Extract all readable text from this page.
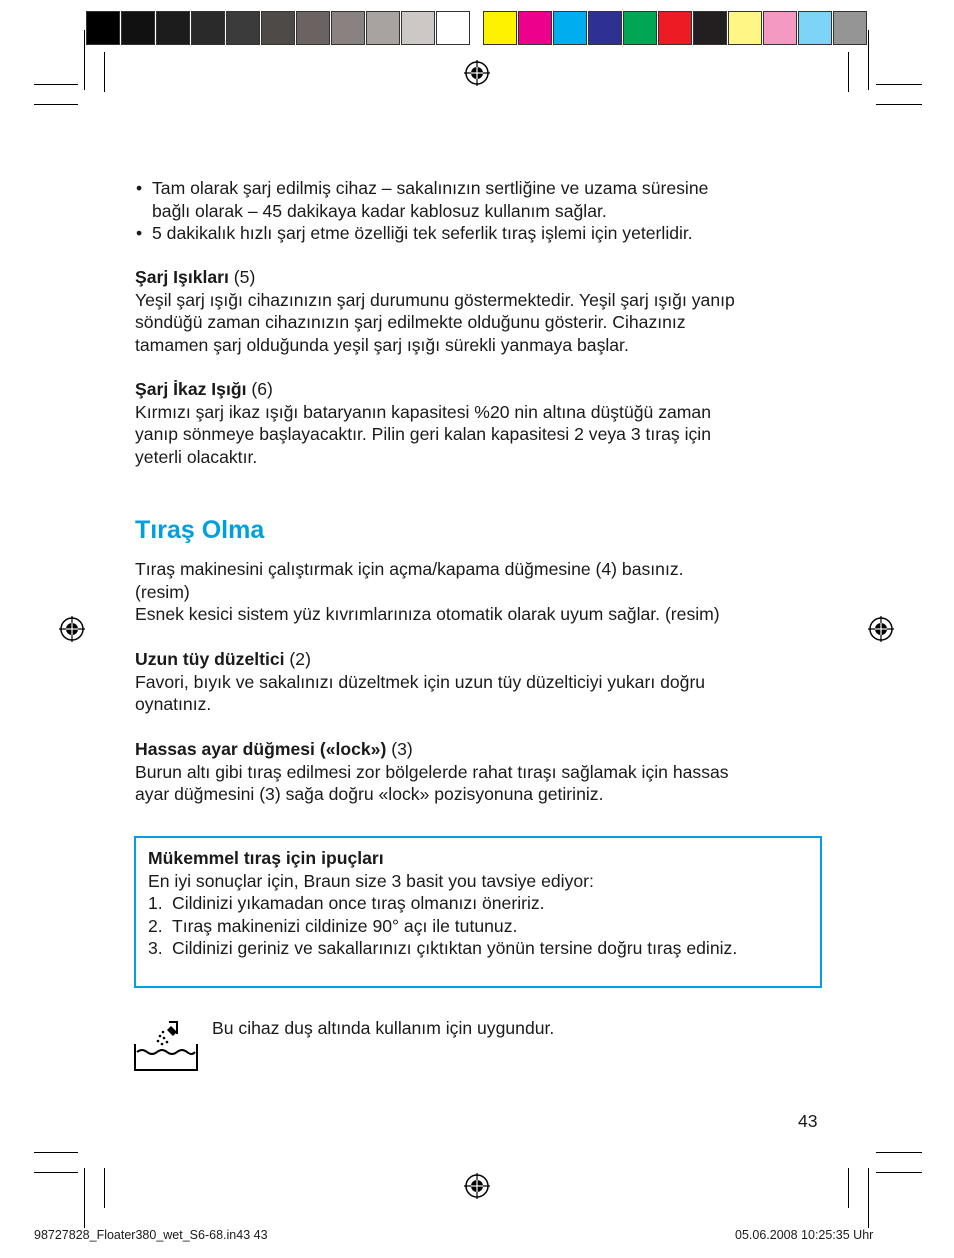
• Tam olarak şarj edilmiş cihaz – sakalınızın sertliğine ve uzama süresine
bağlı olarak – 45 dakikaya kadar kablosuz kullanım sağlar.
• 5 dakikalık hızlı şarj etme özelliği tek seferlik tıraş işlemi için yeterlidir.
Şarj Işıkları (5)
Yeşil şarj ışığı cihazınızın şarj durumunu göstermektedir. Yeşil şarj ışığı yanıp
söndüğü zaman cihazınızın şarj edilmekte olduğunu gösterir. Cihazınız
tamamen şarj olduğunda yeşil şarj ışığı sürekli yanmaya başlar.
Şarj İkaz Işığı (6)
Kırmızı şarj ikaz ışığı bataryanın kapasitesi %20 nin altına düştüğü zaman
yanıp sönmeye başlayacaktır. Pilin geri kalan kapasitesi 2 veya 3 tıraş için
yeterli olacaktır.
Tıraş Olma
Tıraş makinesini çalıştırmak için açma/kapama düğmesine (4) basınız.
(resim)
Esnek kesici sistem yüz kıvrımlarınıza otomatik olarak uyum sağlar. (resim)
Uzun tüy düzeltici (2)
Favori, bıyık ve sakalınızı düzeltmek için uzun tüy düzelticiyi yukarı doğru
oynatınız.
Hassas ayar düğmesi («lock») (3)
Burun altı gibi tıraş edilmesi zor bölgelerde rahat tıraşı sağlamak için hassas
ayar düğmesini (3) sağa doğru «lock» pozisyonuna getiriniz.
Mükemmel tıraş için ipuçları
En iyi sonuçlar için, Braun size 3 basit you tavsiye ediyor:
1. Cildinizi yıkamadan once tıraş olmanızı öneririz.
2. Tıraş makinenizi cildinize 90° açı ile tutunuz.
3. Cildinizi geriniz ve sakallarınızı çıktıktan yönün tersine doğru tıraş ediniz.
Bu cihaz duş altında kullanım için uygundur.
43
98727828_Floater380_wet_S6-68.in43 43	05.06.2008 10:25:35 Uhr
